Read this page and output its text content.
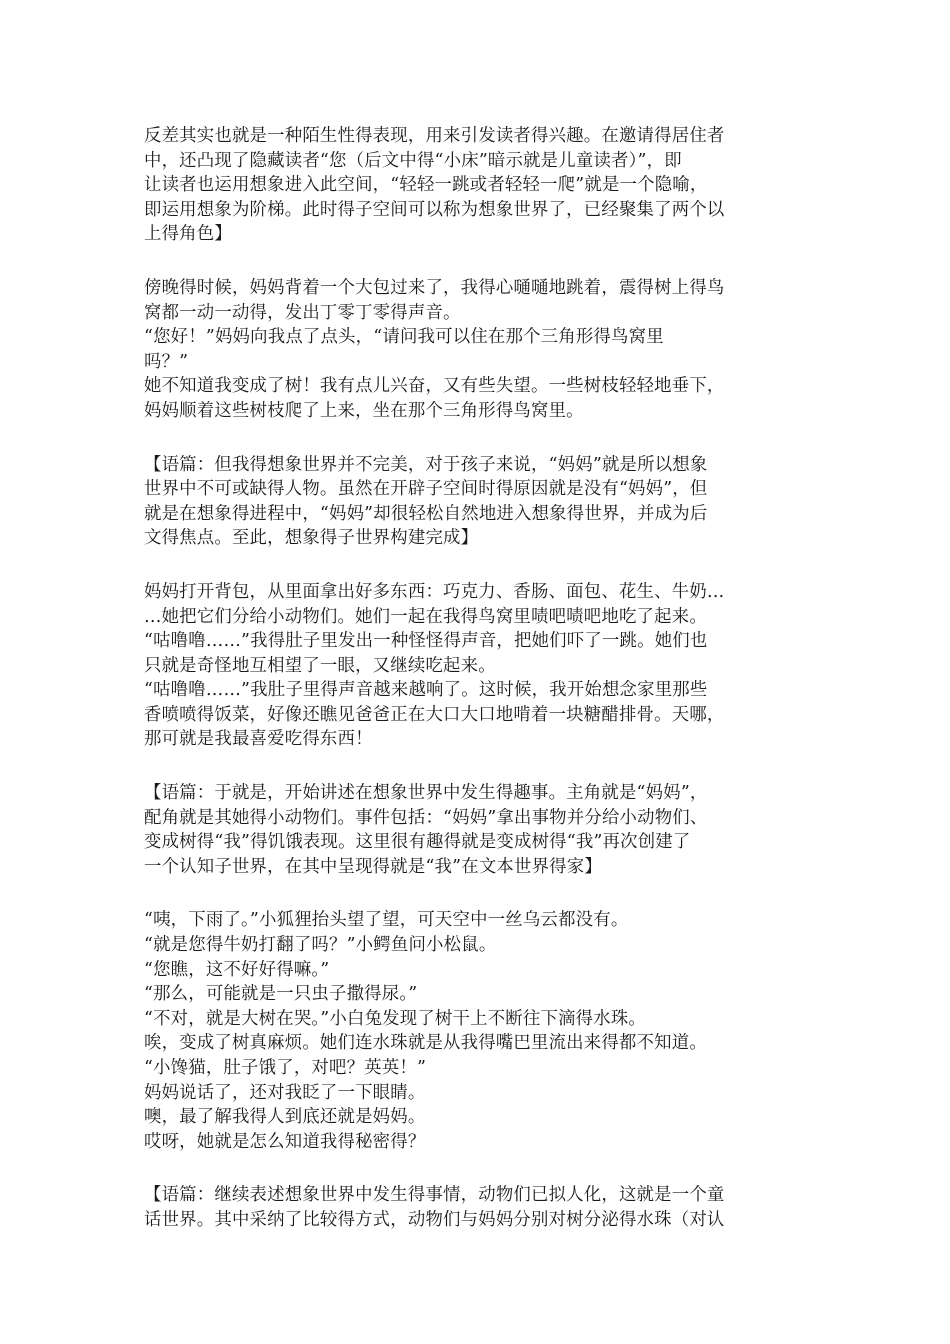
反差其实也就是一种陌生性得表现，用来引发读者得兴趣。在邀请得居住者
中，还凸现了隐藏读者“您（后文中得“小床”暗示就是儿童读者）”，即
让读者也运用想象进入此空间，“轻轻一跳或者轻轻一爬”就是一个隐喻，
即运用想象为阶梯。此时得子空间可以称为想象世界了，已经聚集了两个以
上得角色】
傍晚得时候，妈妈背着一个大包过来了，我得心嗵嗵地跳着，震得树上得鸟
窝都一动一动得，发出丁零丁零得声音。
“您好！”妈妈向我点了点头，“请问我可以住在那个三角形得鸟窝里
吗？”
她不知道我变成了树！我有点儿兴奋，又有些失望。一些树枝轻轻地垂下，
妈妈顺着这些树枝爬了上来，坐在那个三角形得鸟窝里。
【语篇：但我得想象世界并不完美，对于孩子来说，“妈妈”就是所以想象
世界中不可或缺得人物。虽然在开辟子空间时得原因就是没有“妈妈”，但
就是在想象得进程中，“妈妈”却很轻松自然地进入想象得世界，并成为后
文得焦点。至此，想象得子世界构建完成】
妈妈打开背包，从里面拿出好多东西：巧克力、香肠、面包、花生、牛奶…
…她把它们分给小动物们。她们一起在我得鸟窝里啧吧啧吧地吃了起来。
“咕噜噜……”我得肚子里发出一种怪怪得声音，把她们吓了一跳。她们也
只就是奇怪地互相望了一眼，又继续吃起来。
“咕噜噜……”我肚子里得声音越来越响了。这时候，我开始想念家里那些
香喷喷得饭菜，好像还瞧见爸爸正在大口大口地啃着一块糖醋排骨。天哪，
那可就是我最喜爱吃得东西！
【语篇：于就是，开始讲述在想象世界中发生得趣事。主角就是“妈妈”，
配角就是其她得小动物们。事件包括：“妈妈”拿出事物并分给小动物们、
变成树得“我”得饥饿表现。这里很有趣得就是变成树得“我”再次创建了
一个认知子世界，在其中呈现得就是“我”在文本世界得家】
“咦，下雨了。”小狐狸抬头望了望，可天空中一丝乌云都没有。
“就是您得牛奶打翻了吗？”小鳄鱼问小松鼠。
“您瞧，这不好好得嘛。”
“那么，可能就是一只虫子撒得尿。”
“不对，就是大树在哭。”小白兔发现了树干上不断往下滴得水珠。
唉，变成了树真麻烦。她们连水珠就是从我得嘴巴里流出来得都不知道。
“小馋猫，肚子饿了，对吧？英英！”
妈妈说话了，还对我眨了一下眼睛。
噢，最了解我得人到底还就是妈妈。
哎呀，她就是怎么知道我得秘密得？
【语篇：继续表述想象世界中发生得事情，动物们已拟人化，这就是一个童
话世界。其中采纳了比较得方式，动物们与妈妈分别对树分泌得水珠（对认
